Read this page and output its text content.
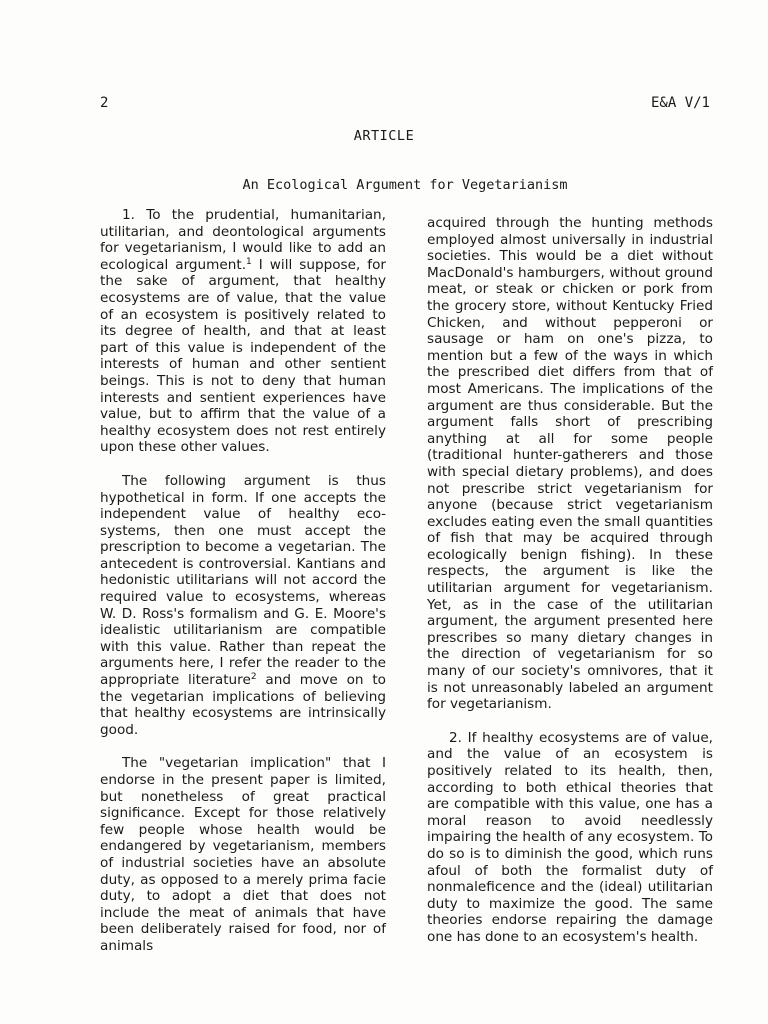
2	E&A V/1
ARTICLE
An Ecological Argument for Vegetarianism

1. To the prudential, humanitarian, utilitarian, and deontological arguments for vegetarianism, I would like to add an ecological argument.$^1$ I will suppose, for the sake of argument, that healthy ecosystems are of value, that the value of an ecosystem is positively related to its degree of health, and that at least part of this value is independent of the interests of human and other sentient beings. This is not to deny that human interests and sentient experiences have value, but to affirm that the value of a healthy ecosystem does not rest entirely upon these other values.

The following argument is thus hypothetical in form. If one accepts the independent value of healthy ecosystems, then one must accept the prescription to become a vegetarian. The antecedent is controversial. Kantians and hedonistic utilitarians will not accord the required value to ecosystems, whereas W. D. Ross's formalism and G. E. Moore's idealistic utilitarianism are compatible with this value. Rather than repeat the arguments here, I refer the reader to the appropriate literature$^2$ and move on to the vegetarian implications of believing that healthy ecosystems are intrinsically good.

The "vegetarian implication" that I endorse in the present paper is limited, but nonetheless of great practical significance. Except for those relatively few people whose health would be endangered by vegetarianism, members of industrial societies have an absolute duty, as opposed to a merely prima facie duty, to adopt a diet that does not include the meat of animals that have been deliberately raised for food, nor of animals

acquired through the hunting methods employed almost universally in industrial societies. This would be a diet without MacDonald's hamburgers, without ground meat, or steak or chicken or pork from the grocery store, without Kentucky Fried Chicken, and without pepperoni or sausage or ham on one's pizza, to mention but a few of the ways in which the prescribed diet differs from that of most Americans. The implications of the argument are thus considerable. But the argument falls short of prescribing anything at all for some people (traditional hunter-gatherers and those with special dietary problems), and does not prescribe strict vegetarianism for anyone (because strict vegetarianism excludes eating even the small quantities of fish that may be acquired through ecologically benign fishing). In these respects, the argument is like the utilitarian argument for vegetarianism. Yet, as in the case of the utilitarian argument, the argument presented here prescribes so many dietary changes in the direction of vegetarianism for so many of our society's omnivores, that it is not unreasonably labeled an argument for vegetarianism.

2. If healthy ecosystems are of value, and the value of an ecosystem is positively related to its health, then, according to both ethical theories that are compatible with this value, one has a moral reason to avoid needlessly impairing the health of any ecosystem. To do so is to diminish the good, which runs afoul of both the formalist duty of nonmaleficence and the (ideal) utilitarian duty to maximize the good. The same theories endorse repairing the damage one has done to an ecosystem's health.
